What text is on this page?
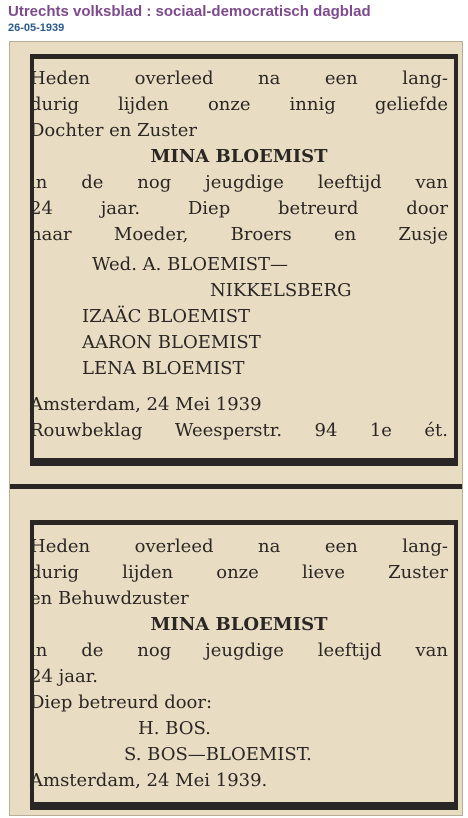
Utrechts volksblad : sociaal-democratisch dagblad
26-05-1939
Heden overleed na een lang-
durig lijden onze innig geliefde
Dochter en Zuster
MINA BLOEMIST
in de nog jeugdige leeftijd van
24 jaar. Diep betreurd door
haar Moeder, Broers en Zusje
Wed. A. BLOEMIST—
NIKKELSBERG
IZAÄC BLOEMIST
AARON BLOEMIST
LENA BLOEMIST
Amsterdam, 24 Mei 1939
Rouwbeklag Weesperstr. 94 1e ét.
Heden overleed na een lang-
durig lijden onze lieve Zuster
en Behuwdzuster
MINA BLOEMIST
in de nog jeugdige leeftijd van
24 jaar.
Diep betreurd door:
H. BOS.
S. BOS—BLOEMIST.
Amsterdam, 24 Mei 1939.
